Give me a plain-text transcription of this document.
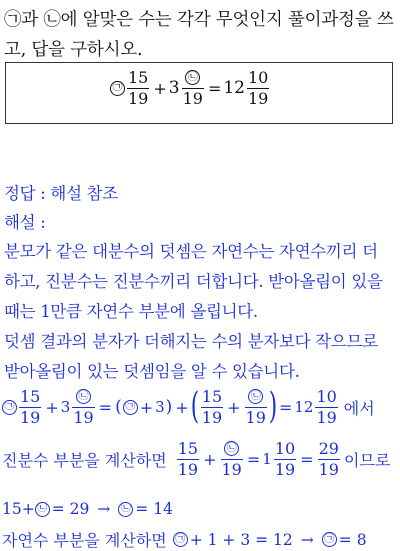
㉠과 ㉡에 알맞은 수는 각각 무엇인지 풀이과정을 쓰
고, 답을 구하시오.
㉠ $\frac{15}{19} + 3 \frac{㉡}{19} = 12 \frac{10}{19}$
정답 : 해설 참조
해설 :
분모가 같은 대분수의 덧셈은 자연수는 자연수끼리 더
하고, 진분수는 진분수끼리 더합니다. 받아올림이 있을
때는 1만큼 자연수 부분에 올립니다.
덧셈 결과의 분자가 더해지는 수의 분자보다 작으므로
받아올림이 있는 덧셈임을 알 수 있습니다.
㉠ $\frac{15}{19} + 3 \frac{㉡}{19}$ = ( ㉠ + 3 ) + ( $\frac{15}{19} + \frac{㉡}{19}$ ) = $12 \frac{10}{19}$ 에서
진분수 부분을 계산하면 $\frac{15}{19} + \frac{㉡}{19} = 1 \frac{10}{19} = \frac{29}{19}$ 이므로
15+ ㉡ = 29 → ㉡ = 14
자연수 부분을 계산하면 ㉠ + 1 + 3 = 12 → ㉠ = 8
